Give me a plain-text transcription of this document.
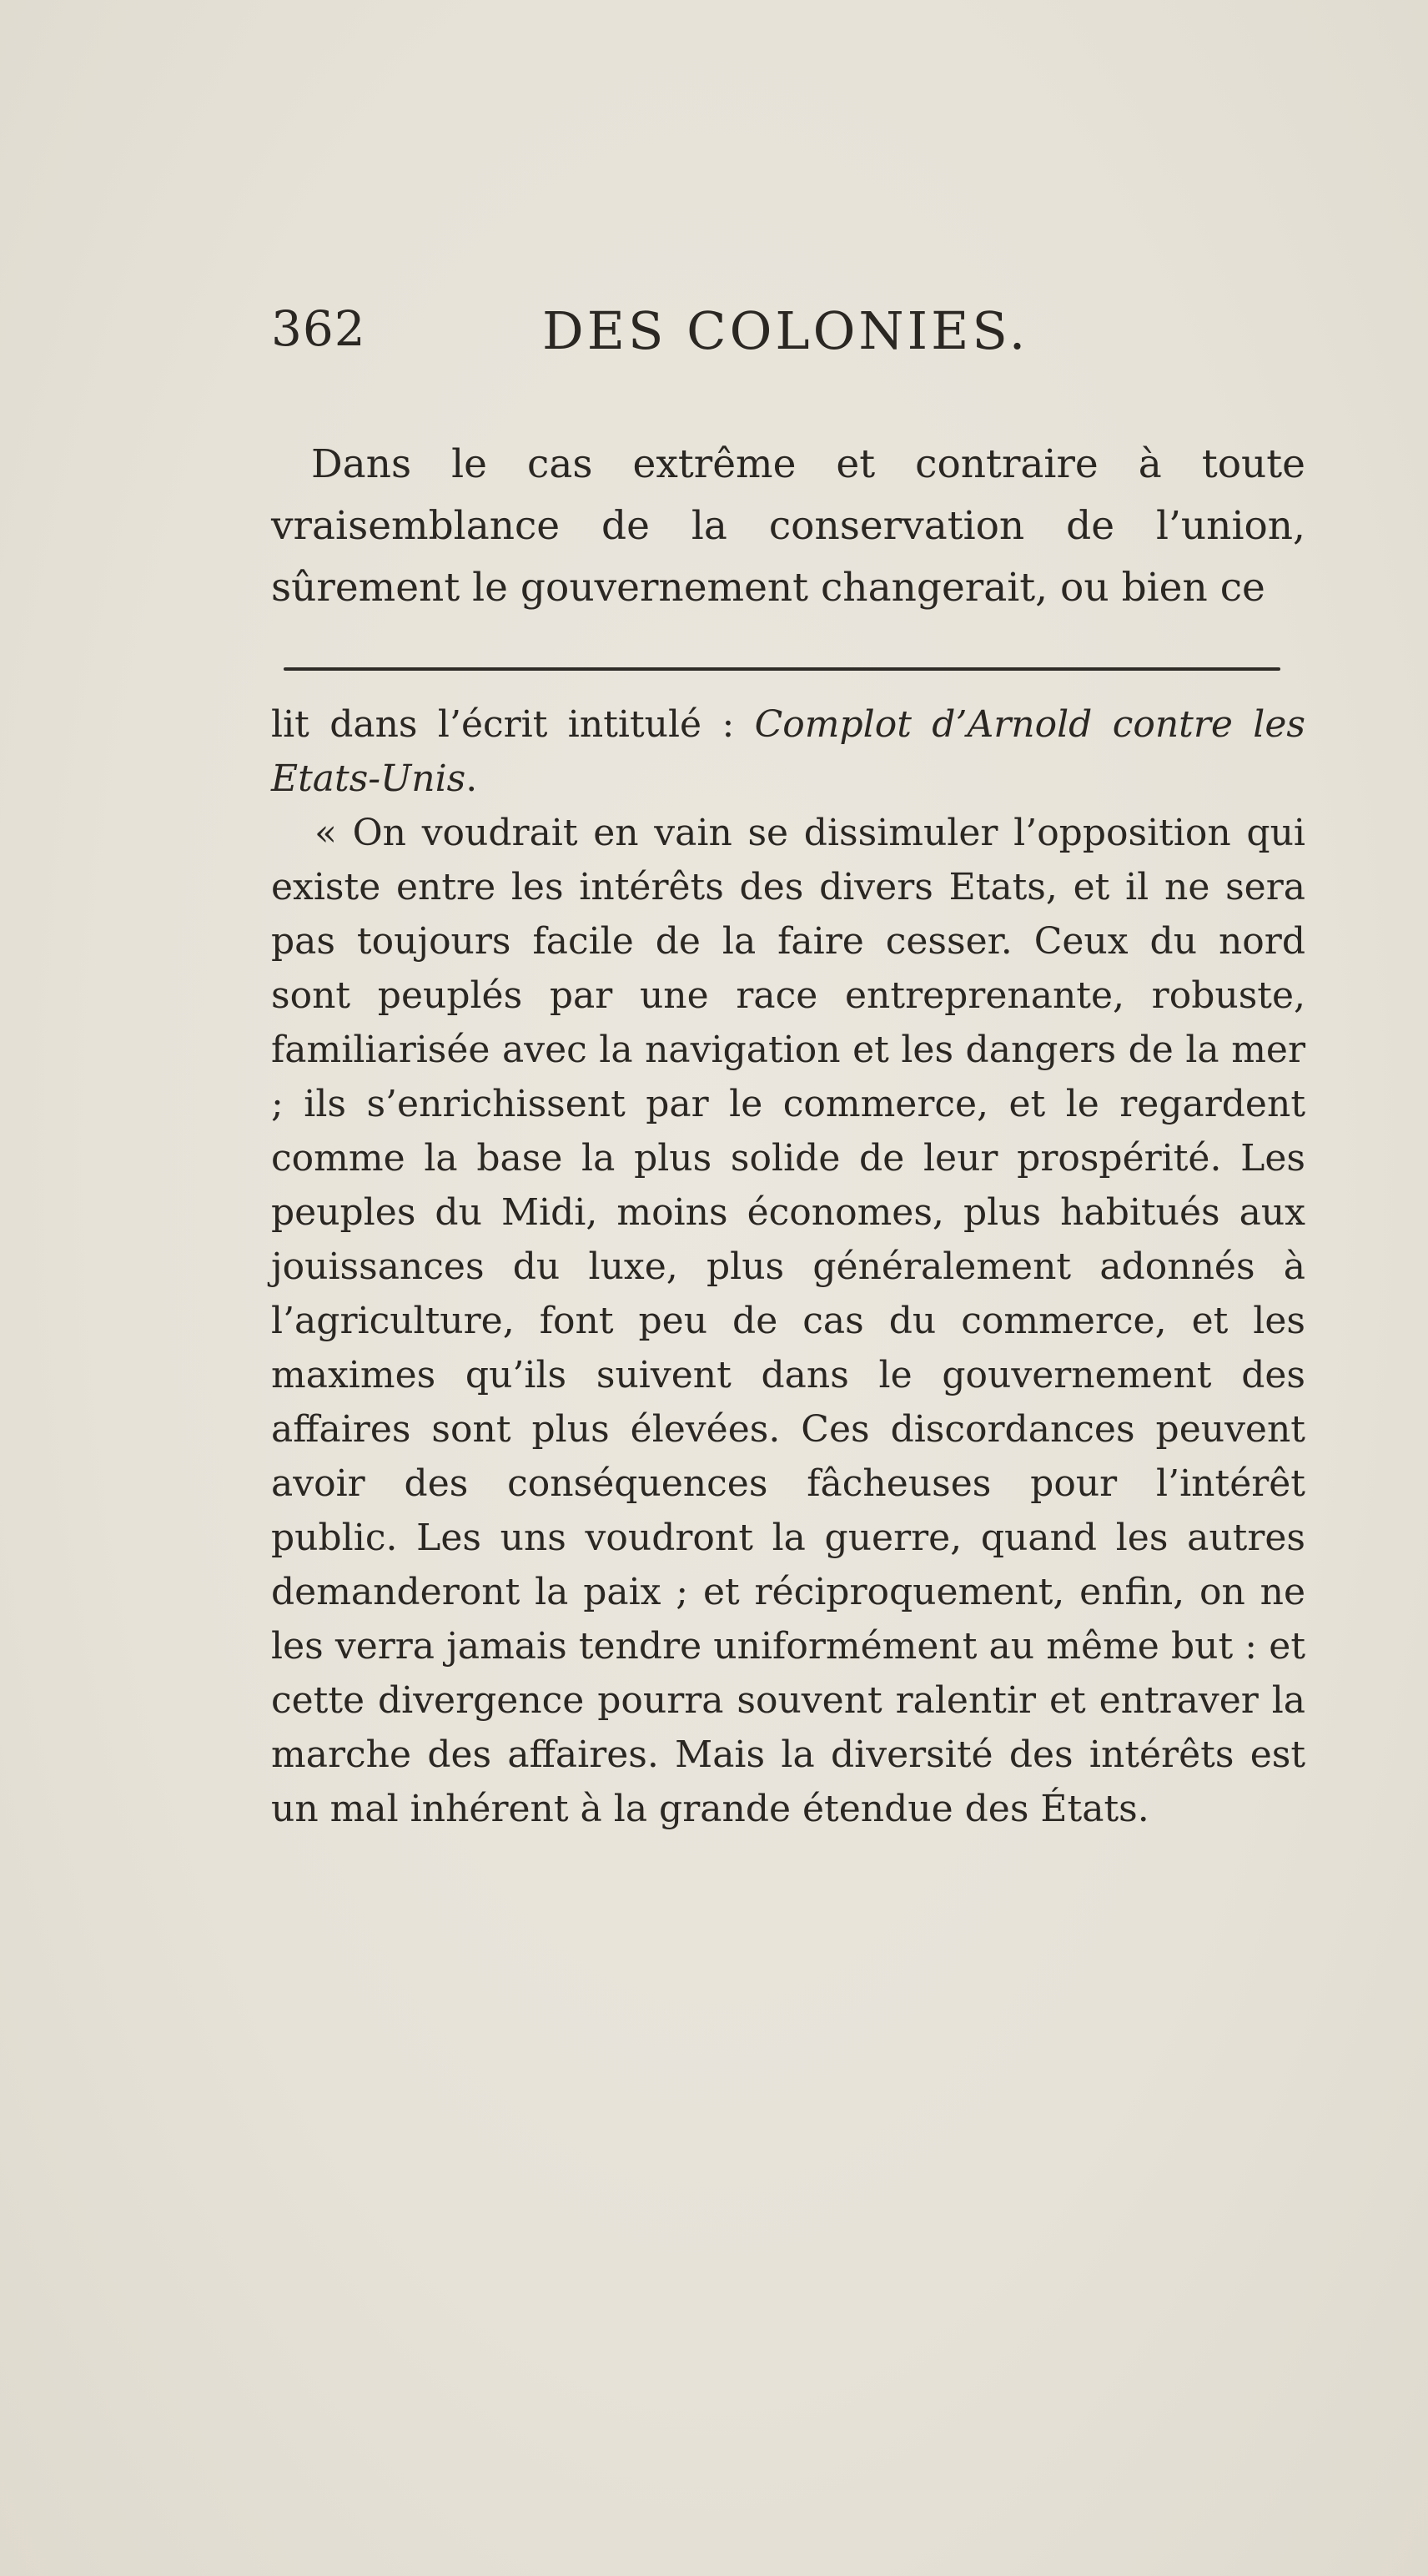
362	DES COLONIES.

Dans le cas extrême et contraire à toute vraisemblance de la conservation de l’union, sûrement le gouvernement changerait, ou bien ce

lit dans l’écrit intitulé : Complot d’Arnold contre les Etats-Unis.

« On voudrait en vain se dissimuler l’opposition qui existe entre les intérêts des divers Etats, et il ne sera pas toujours facile de la faire cesser. Ceux du nord sont peuplés par une race entreprenante, robuste, familiarisée avec la navigation et les dangers de la mer ; ils s’enrichissent par le commerce, et le regardent comme la base la plus solide de leur prospérité. Les peuples du Midi, moins économes, plus habitués aux jouissances du luxe, plus généralement adonnés à l’agriculture, font peu de cas du commerce, et les maximes qu’ils suivent dans le gouvernement des affaires sont plus élevées. Ces discordances peuvent avoir des conséquences fâcheuses pour l’intérêt public. Les uns voudront la guerre, quand les autres demanderont la paix ; et réciproquement, enfin, on ne les verra jamais tendre uniformément au même but : et cette divergence pourra souvent ralentir et entraver la marche des affaires. Mais la diversité des intérêts est un mal inhérent à la grande étendue des États.
